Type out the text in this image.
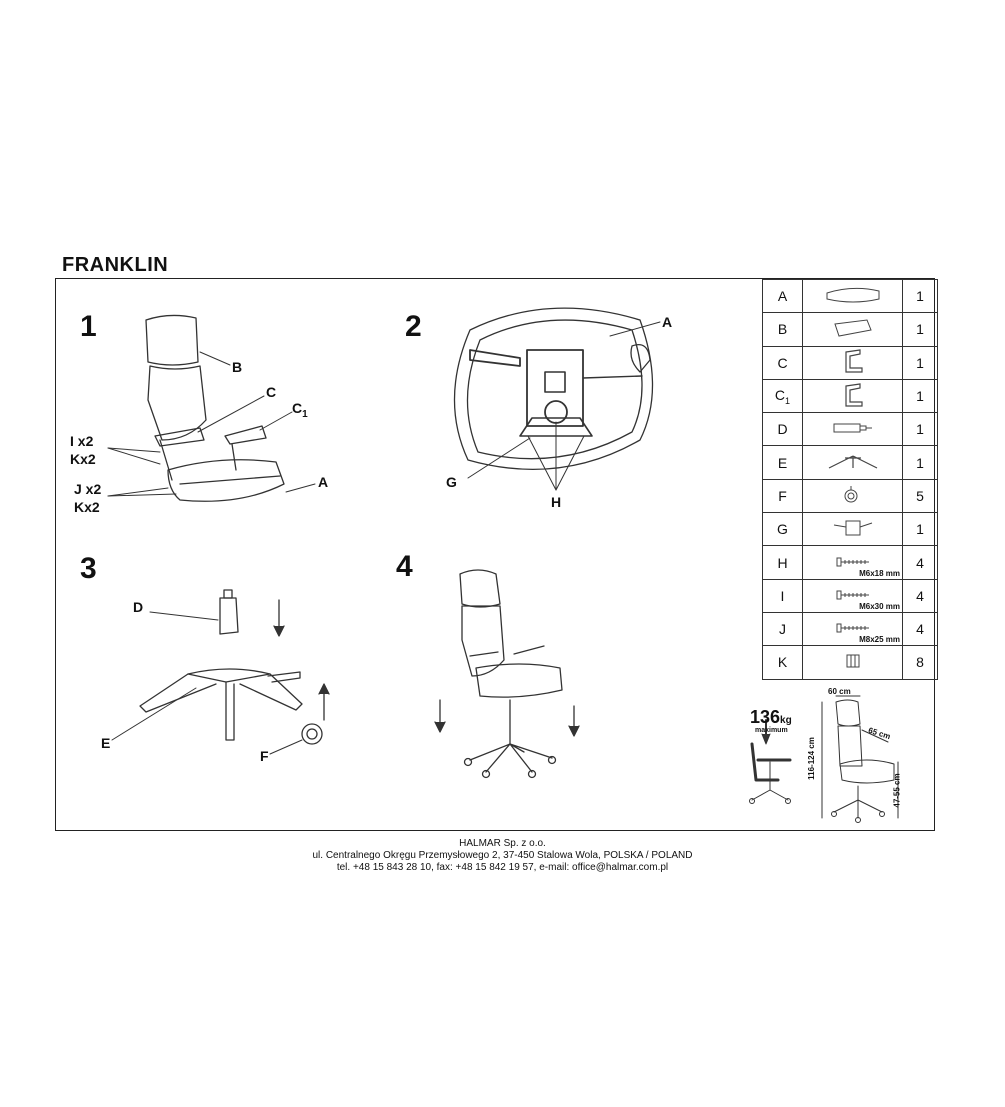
FRANKLIN
1	2
3	4
B
C
$C_1$
I x2
Kx2
J x2
Kx2
A
A
G
H
D
E
F
A		1
B		1
C		1
$C_1$		1
D		1
E		1
F		5
G		1
H	M6x18 mm	4
I	M6x30 mm	4
J	M8x25 mm	4
K		8
136kg
maximum
60 cm
65 cm
116-124 cm
47-55 cm
HALMAR Sp. z o.o.
ul. Centralnego Okręgu Przemysłowego 2, 37-450 Stalowa Wola, POLSKA / POLAND
tel. +48 15 843 28 10, fax: +48 15 842 19 57, e-mail: office@halmar.com.pl
